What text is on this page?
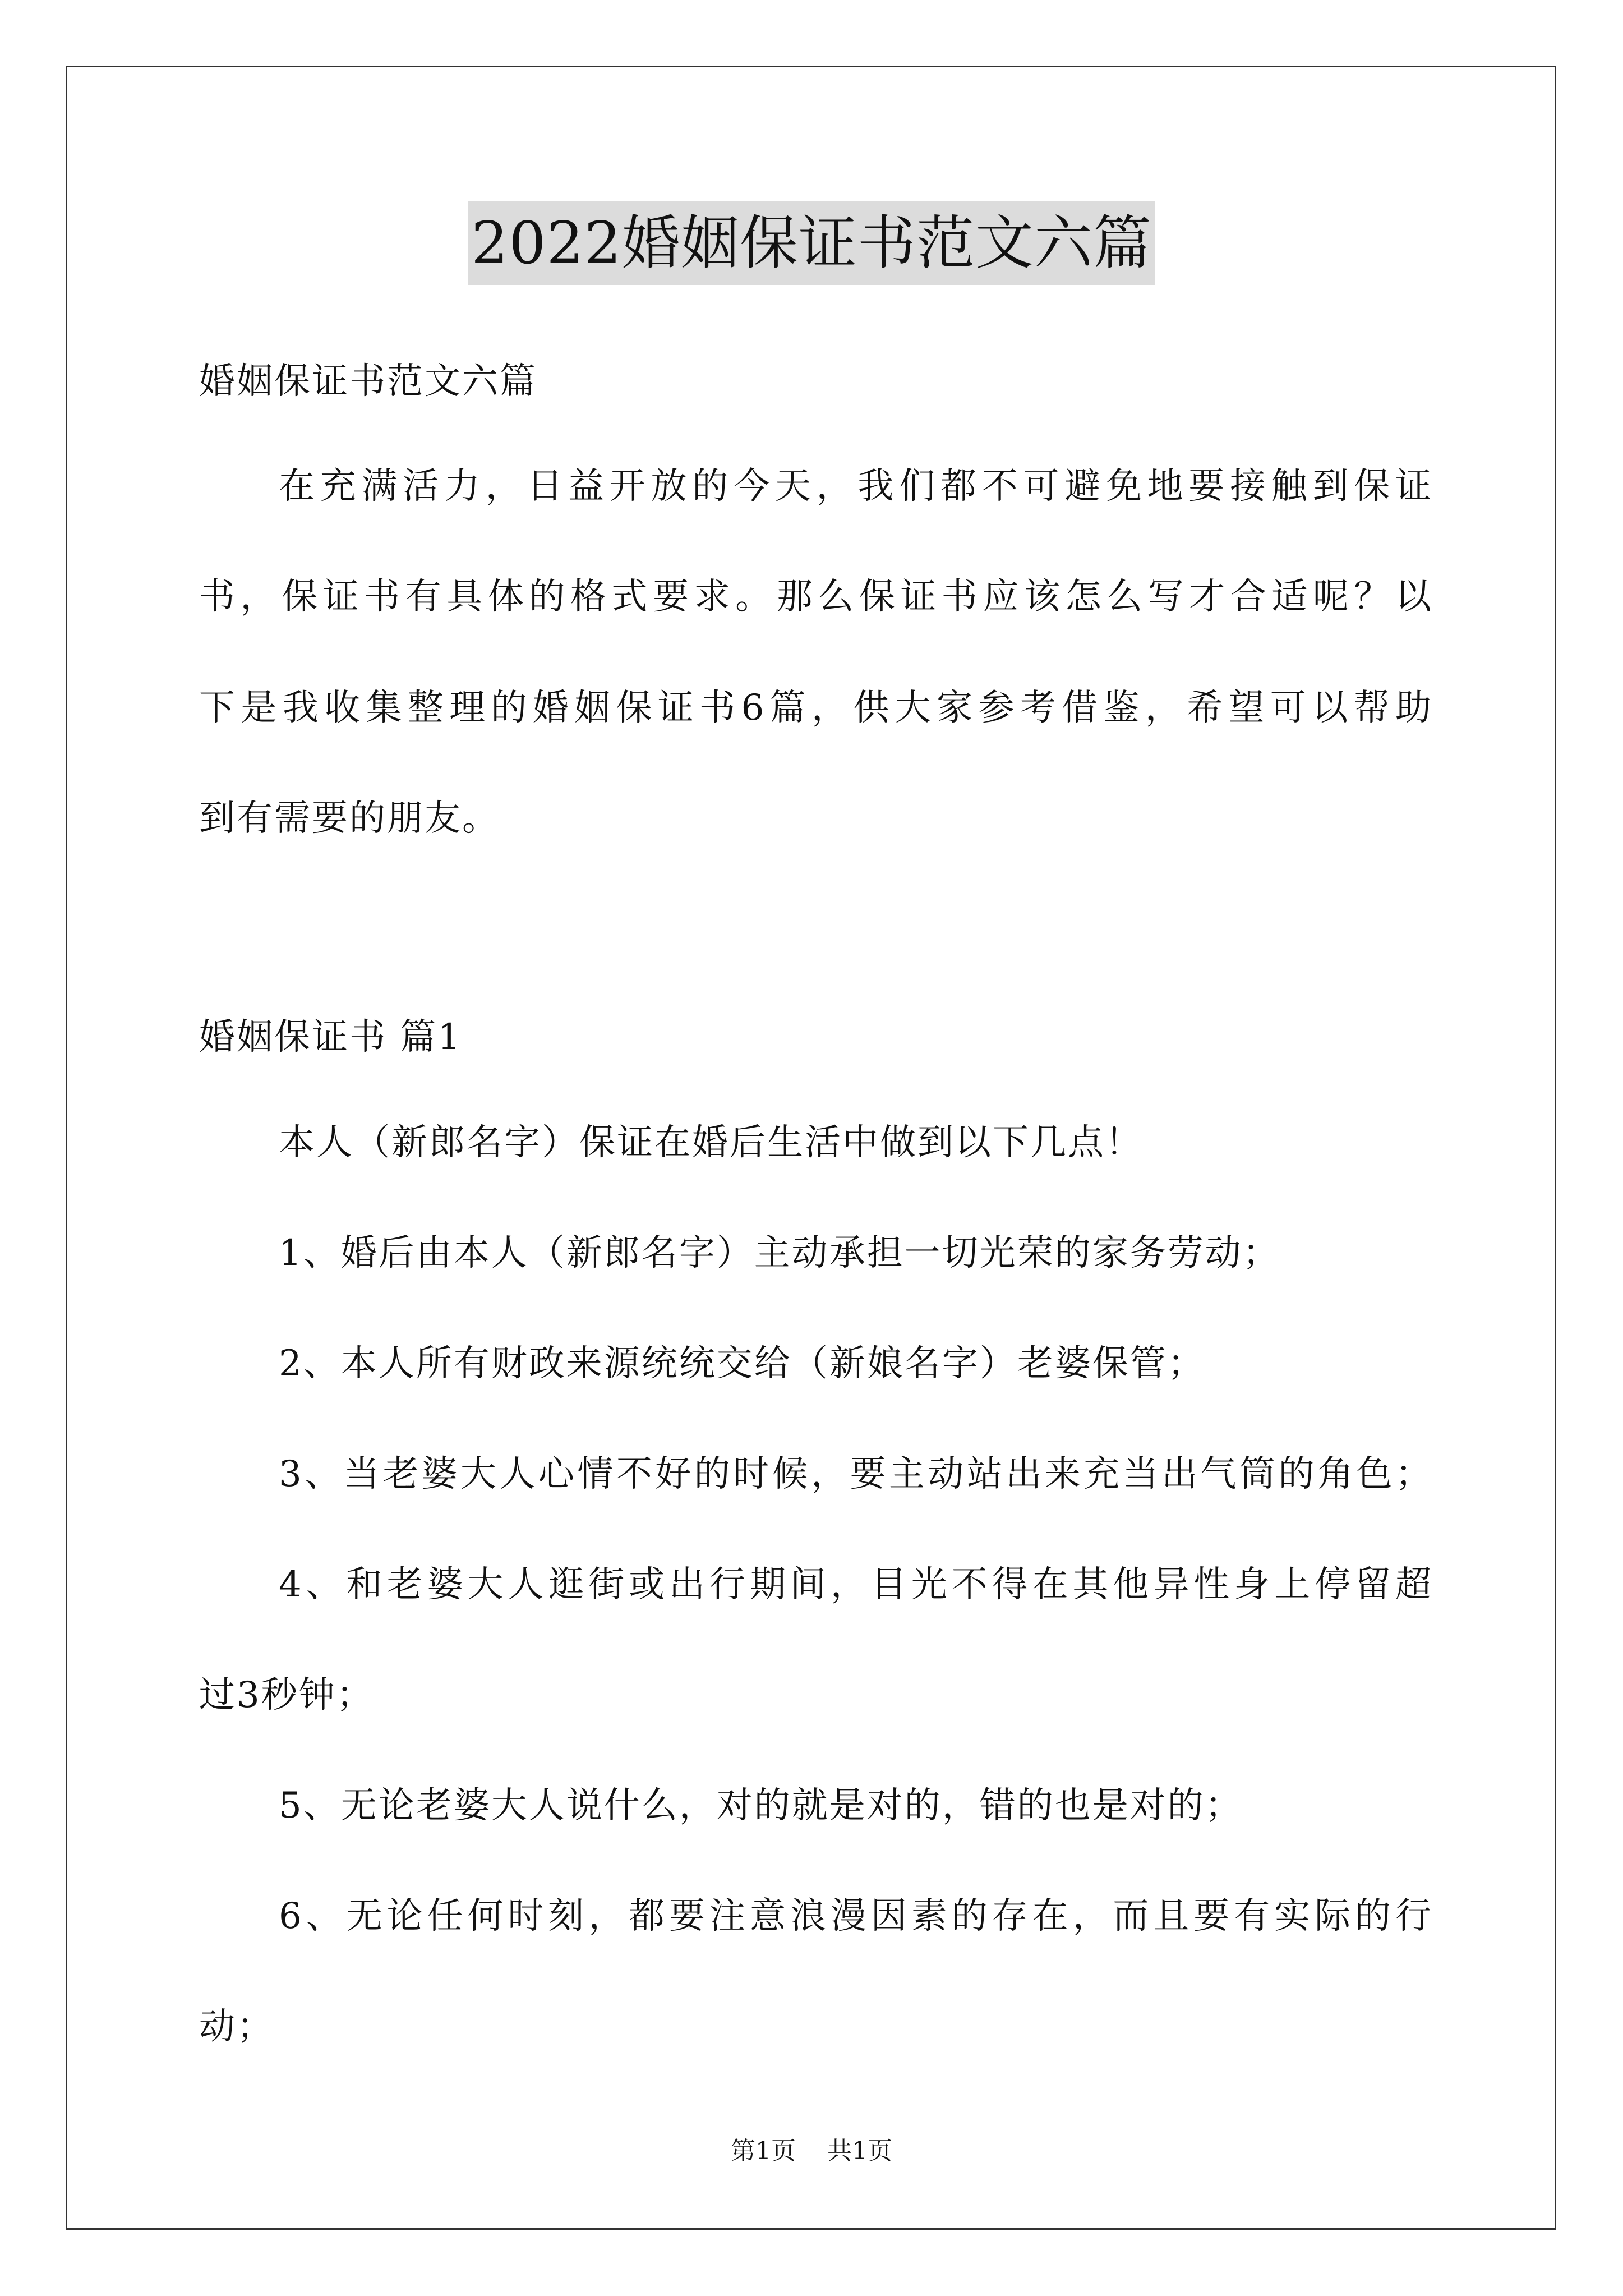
2022婚姻保证书范文六篇
婚姻保证书范文六篇
在充满活力，日益开放的今天，我们都不可避免地要接触到保证
书，保证书有具体的格式要求。那么保证书应该怎么写才合适呢？以
下是我收集整理的婚姻保证书6篇，供大家参考借鉴，希望可以帮助
到有需要的朋友。
婚姻保证书 篇1
本人（新郎名字）保证在婚后生活中做到以下几点！
1、婚后由本人（新郎名字）主动承担一切光荣的家务劳动；
2、本人所有财政来源统统交给（新娘名字）老婆保管；
3、当老婆大人心情不好的时候，要主动站出来充当出气筒的角色；
4、和老婆大人逛街或出行期间，目光不得在其他异性身上停留超
过3秒钟；
5、无论老婆大人说什么，对的就是对的，错的也是对的；
6、无论任何时刻，都要注意浪漫因素的存在，而且要有实际的行
动；
第1页 共1页
